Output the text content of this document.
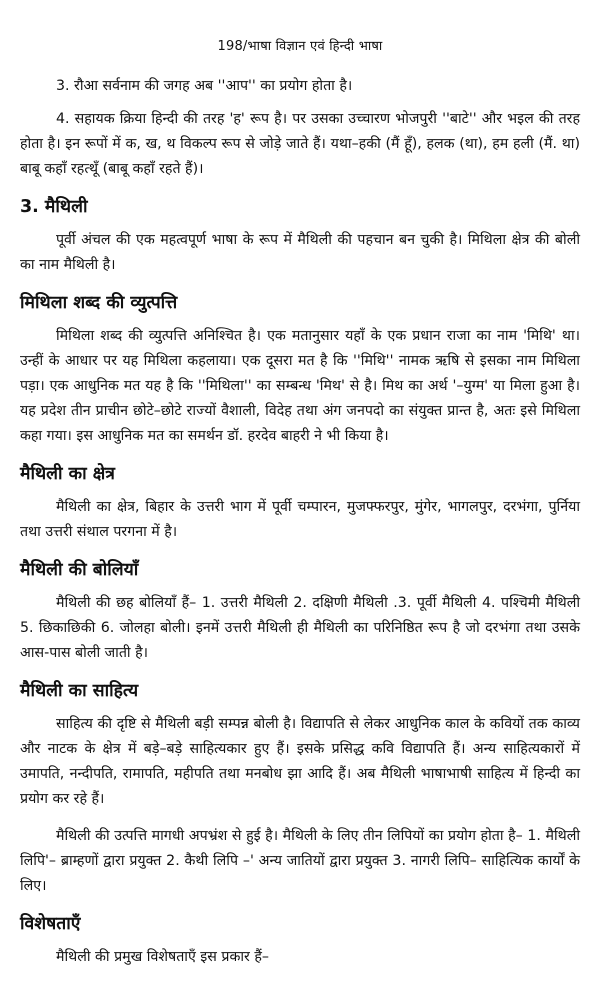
198/भाषा विज्ञान एवं हिन्दी भाषा

3. रौआ सर्वनाम की जगह अब ''आप'' का प्रयोग होता है।

4. सहायक क्रिया हिन्दी की तरह 'ह' रूप है। पर उसका उच्चारण भोजपुरी ''बाटे'' और भइल की तरह होता है। इन रूपों में क, ख, थ विकल्प रूप से जोड़े जाते हैं। यथा–हकी (मैं हूँ), हलक (था), हम हली (मैं. था) बाबू कहाँ रहत्थूँ (बाबू कहाँ रहते हैं)।

3. मैथिली

पूर्वी अंचल की एक महत्वपूर्ण भाषा के रूप में मैथिली की पहचान बन चुकी है। मिथिला क्षेत्र की बोली का नाम मैथिली है।

मिथिला शब्द की व्युत्पत्ति

मिथिला शब्द की व्युत्पत्ति अनिश्चित है। एक मतानुसार यहाँ के एक प्रधान राजा का नाम 'मिथि' था। उन्हीं के आधार पर यह मिथिला कहलाया। एक दूसरा मत है कि ''मिथि'' नामक ऋषि से इसका नाम मिथिला पड़ा। एक आधुनिक मत यह है कि ''मिथिला'' का सम्बन्ध 'मिथ' से है। मिथ का अर्थ '–युग्म' या मिला हुआ है। यह प्रदेश तीन प्राचीन छोटे–छोटे राज्यों वैशाली, विदेह तथा अंग जनपदो का संयुक्त प्रान्त है, अतः इसे मिथिला कहा गया। इस आधुनिक मत का समर्थन डॉ. हरदेव बाहरी ने भी किया है।

मैथिली का क्षेत्र

मैथिली का क्षेत्र, बिहार के उत्तरी भाग में पूर्वी चम्पारन, मुजफ्फरपुर, मुंगेर, भागलपुर, दरभंगा, पुर्निया तथा उत्तरी संथाल परगना में है।

मैथिली की बोलियाँ

मैथिली की छह बोलियाँ हैं– 1. उत्तरी मैथिली 2. दक्षिणी मैथिली .3. पूर्वी मैथिली 4. पश्चिमी मैथिली 5. छिकाछिकी 6. जोलहा बोली। इनमें उत्तरी मैथिली ही मैथिली का परिनिष्ठित रूप है जो दरभंगा तथा उसके आस-पास बोली जाती है।

मैथिली का साहित्य

साहित्य की दृष्टि से मैथिली बड़ी सम्पन्न बोली है। विद्यापति से लेकर आधुनिक काल के कवियों तक काव्य और नाटक के क्षेत्र में बड़े–बड़े साहित्यकार हुए हैं। इसके प्रसिद्ध कवि विद्यापति हैं। अन्य साहित्यकारों में उमापति, नन्दीपति, रामापति, महीपति तथा मनबोध झा आदि हैं। अब मैथिली भाषाभाषी साहित्य में हिन्दी का प्रयोग कर रहे हैं।

मैथिली की उत्पत्ति मागधी अपभ्रंश से हुई है। मैथिली के लिए तीन लिपियों का प्रयोग होता है– 1. मैथिली लिपि'– ब्राम्हणों द्वारा प्रयुक्त 2. कैथी लिपि –' अन्य जातियों द्वारा प्रयुक्त 3. नागरी लिपि– साहित्यिक कार्यों के लिए।

विशेषताएँ

मैथिली की प्रमुख विशेषताएँ इस प्रकार हैं–
